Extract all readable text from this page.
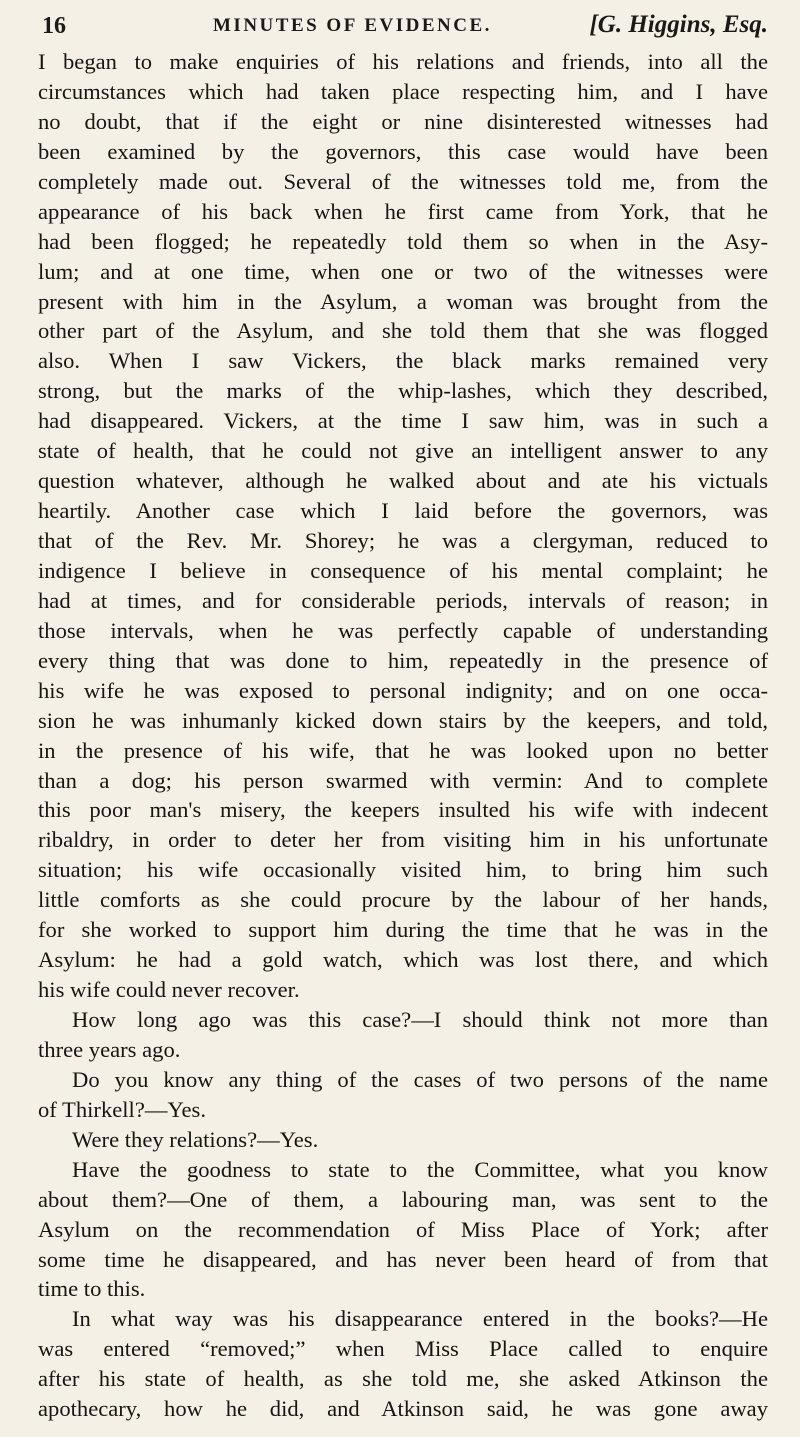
16	MINUTES OF EVIDENCE.	[G. Higgins, Esq.
I began to make enquiries of his relations and friends, into all the
circumstances which had taken place respecting him, and I have
no doubt, that if the eight or nine disinterested witnesses had
been examined by the governors, this case would have been
completely made out. Several of the witnesses told me, from the
appearance of his back when he first came from York, that he
had been flogged; he repeatedly told them so when in the Asy-
lum; and at one time, when one or two of the witnesses were
present with him in the Asylum, a woman was brought from the
other part of the Asylum, and she told them that she was flogged
also. When I saw Vickers, the black marks remained very
strong, but the marks of the whip-lashes, which they described,
had disappeared. Vickers, at the time I saw him, was in such a
state of health, that he could not give an intelligent answer to any
question whatever, although he walked about and ate his victuals
heartily. Another case which I laid before the governors, was
that of the Rev. Mr. Shorey; he was a clergyman, reduced to
indigence I believe in consequence of his mental complaint; he
had at times, and for considerable periods, intervals of reason; in
those intervals, when he was perfectly capable of understanding
every thing that was done to him, repeatedly in the presence of
his wife he was exposed to personal indignity; and on one occa-
sion he was inhumanly kicked down stairs by the keepers, and told,
in the presence of his wife, that he was looked upon no better
than a dog; his person swarmed with vermin: And to complete
this poor man's misery, the keepers insulted his wife with indecent
ribaldry, in order to deter her from visiting him in his unfortunate
situation; his wife occasionally visited him, to bring him such
little comforts as she could procure by the labour of her hands,
for she worked to support him during the time that he was in the
Asylum: he had a gold watch, which was lost there, and which
his wife could never recover.
How long ago was this case?—I should think not more than
three years ago.
Do you know any thing of the cases of two persons of the name
of Thirkell?—Yes.
Were they relations?—Yes.
Have the goodness to state to the Committee, what you know
about them?—One of them, a labouring man, was sent to the
Asylum on the recommendation of Miss Place of York; after
some time he disappeared, and has never been heard of from that
time to this.
In what way was his disappearance entered in the books?—He
was entered “removed;” when Miss Place called to enquire
after his state of health, as she told me, she asked Atkinson the
apothecary, how he did, and Atkinson said, he was gone away
